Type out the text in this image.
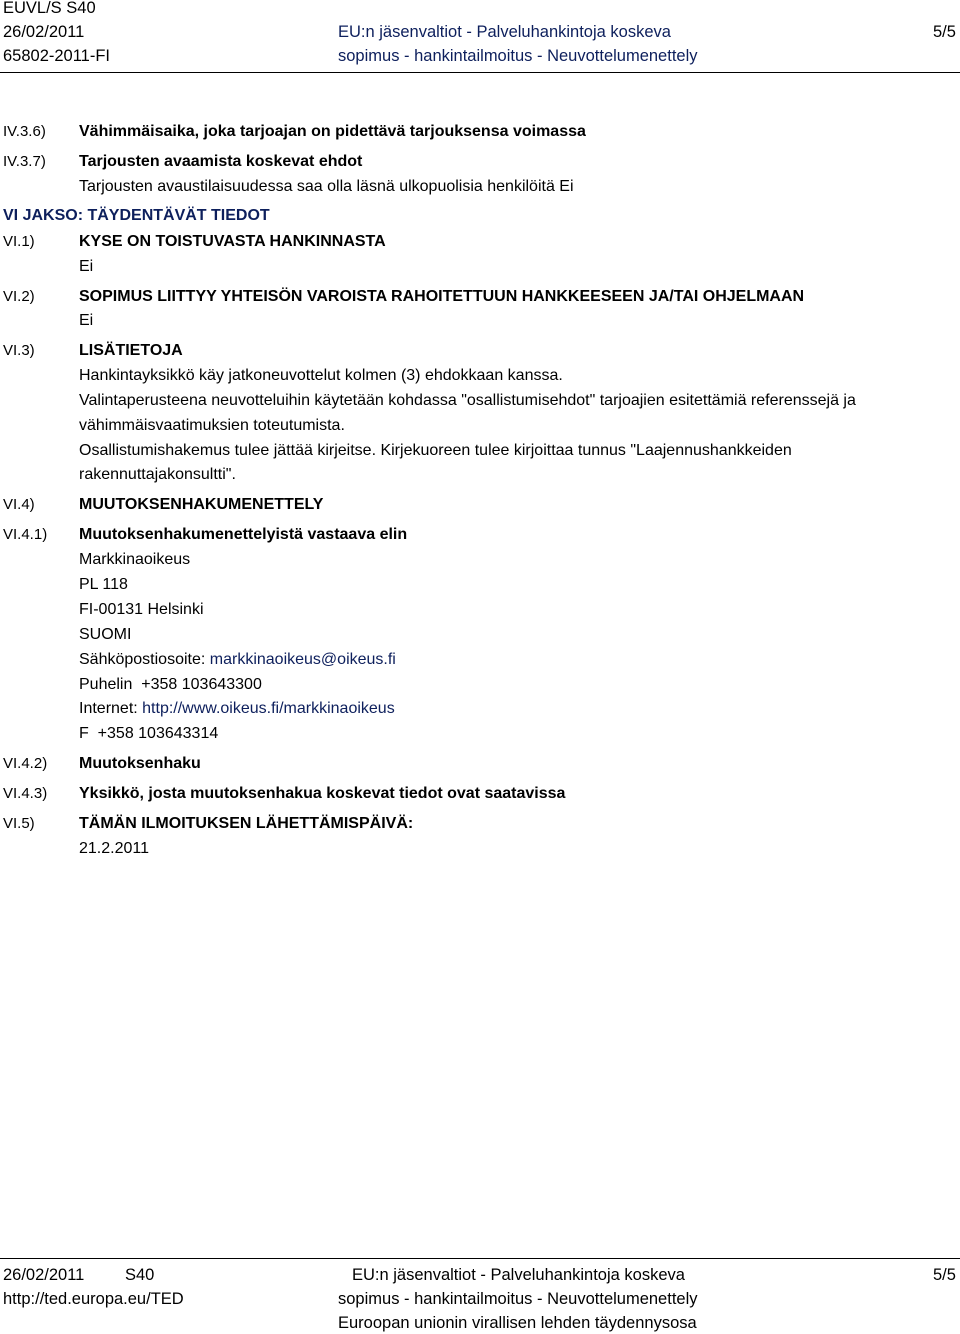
EUVL/S S40
26/02/2011
65802-2011-FI
EU:n jäsenvaltiot - Palveluhankintoja koskeva
sopimus - hankintailmoitus - Neuvottelumenettely
5/5
IV.3.6) Vähimmäisaika, joka tarjoajan on pidettävä tarjouksensa voimassa
IV.3.7) Tarjousten avaamista koskevat ehdot
Tarjousten avaustilaisuudessa saa olla läsnä ulkopuolisia henkilöitä Ei
VI JAKSO: TÄYDENTÄVÄT TIEDOT
VI.1)	KYSE ON TOISTUVASTA HANKINNASTA
Ei
VI.2)	SOPIMUS LIITTYY YHTEISÖN VAROISTA RAHOITETTUUN HANKKEESEEN JA/TAI OHJELMAAN
Ei
VI.3)	LISÄTIETOJA
Hankintayksikkö käy jatkoneuvottelut kolmen (3) ehdokkaan kanssa.
Valintaperusteena neuvotteluihin käytetään kohdassa "osallistumisehdot" tarjoajien esitettämiä referenssejä ja
vähimmäisvaatimuksien toteutumista.
Osallistumishakemus tulee jättää kirjeitse. Kirjekuoreen tulee kirjoittaa tunnus "Laajennushankkeiden
rakennuttajakonsultti".
VI.4)	MUUTOKSENHAKUMENETTELY
VI.4.1) Muutoksenhakumenettelyistä vastaava elin
Markkinaoikeus
PL 118
FI-00131 Helsinki
SUOMI
Sähköpostiosoite: markkinaoikeus@oikeus.fi
Puhelin +358 103643300
Internet: http://www.oikeus.fi/markkinaoikeus
F +358 103643314
VI.4.2) Muutoksenhaku
VI.4.3) Yksikkö, josta muutoksenhakua koskevat tiedot ovat saatavissa
VI.5)	TÄMÄN ILMOITUKSEN LÄHETTÄMISPÄIVÄ:
21.2.2011
26/02/2011 S40
http://ted.europa.eu/TED
EU:n jäsenvaltiot - Palveluhankintoja koskeva
sopimus - hankintailmoitus - Neuvottelumenettely
Euroopan unionin virallisen lehden täydennysosa
5/5
